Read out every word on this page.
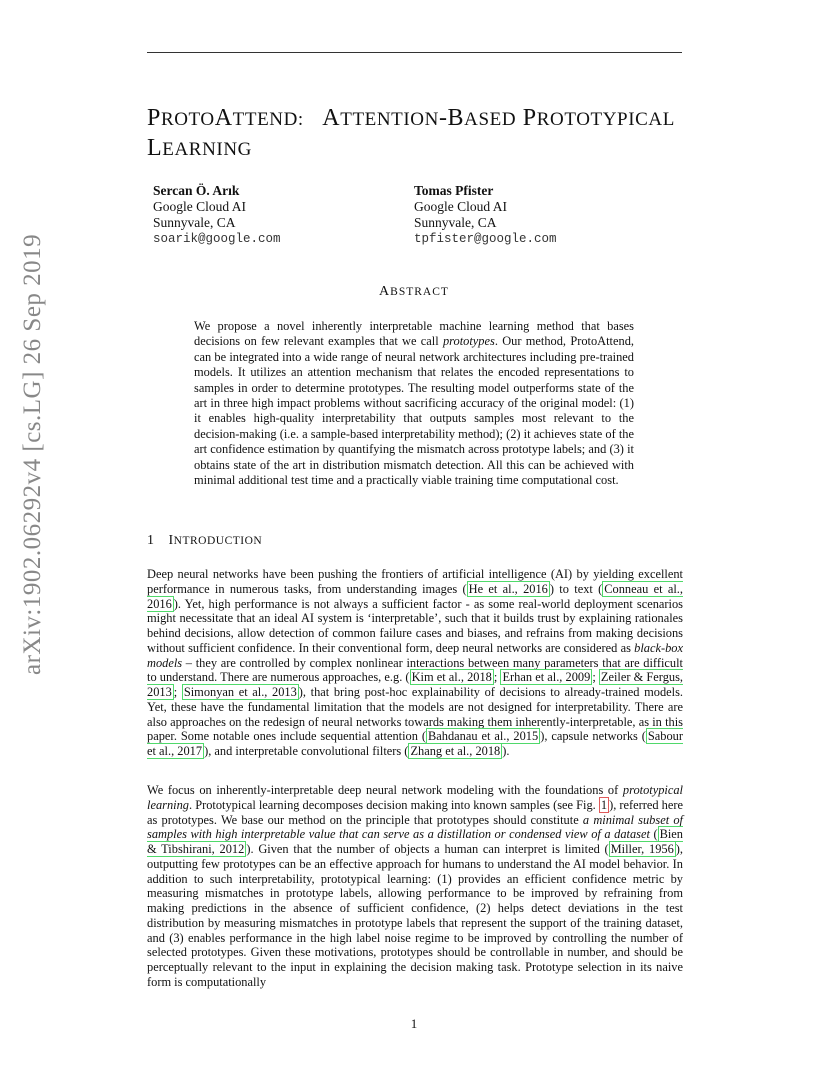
arXiv:1902.06292v4 [cs.LG] 26 Sep 2019
PROTOATTEND: ATTENTION-BASED PROTOTYPICAL
LEARNING
Sercan Ö. Arık
Google Cloud AI
Sunnyvale, CA
soarik@google.com
Tomas Pfister
Google Cloud AI
Sunnyvale, CA
tpfister@google.com
ABSTRACT

We propose a novel inherently interpretable machine learning method that bases decisions on few relevant examples that we call prototypes. Our method, ProtoAttend, can be integrated into a wide range of neural network architectures including pre-trained models. It utilizes an attention mechanism that relates the encoded representations to samples in order to determine prototypes. The resulting model outperforms state of the art in three high impact problems without sacrificing accuracy of the original model: (1) it enables high-quality interpretability that outputs samples most relevant to the decision-making (i.e. a sample-based interpretability method); (2) it achieves state of the art confidence estimation by quantifying the mismatch across prototype labels; and (3) it obtains state of the art in distribution mismatch detection. All this can be achieved with minimal additional test time and a practically viable training time computational cost.

1 INTRODUCTION

Deep neural networks have been pushing the frontiers of artificial intelligence (AI) by yielding excellent performance in numerous tasks, from understanding images ( He et al., 2016 ) to text ( Conneau et al., 2016 ). Yet, high performance is not always a sufficient factor - as some real-world deployment scenarios might necessitate that an ideal AI system is ‘interpretable’, such that it builds trust by explaining rationales behind decisions, allow detection of common failure cases and biases, and refrains from making decisions without sufficient confidence. In their conventional form, deep neural networks are considered as black-box models – they are controlled by complex nonlinear interactions between many parameters that are difficult to understand. There are numerous approaches, e.g. ( Kim et al., 2018 ; Erhan et al., 2009 ; Zeiler & Fergus, 2013 ; Simonyan et al., 2013 ), that bring post-hoc explainability of decisions to already-trained models. Yet, these have the fundamental limitation that the models are not designed for interpretability. There are also approaches on the redesign of neural networks towards making them inherently-interpretable, as in this paper. Some notable ones include sequential attention ( Bahdanau et al., 2015 ), capsule networks ( Sabour et al., 2017 ), and interpretable convolutional filters ( Zhang et al., 2018 ).

We focus on inherently-interpretable deep neural network modeling with the foundations of prototypical learning. Prototypical learning decomposes decision making into known samples (see Fig. 1 ), referred here as prototypes. We base our method on the principle that prototypes should constitute a minimal subset of samples with high interpretable value that can serve as a distillation or condensed view of a dataset ( Bien & Tibshirani, 2012 ). Given that the number of objects a human can interpret is limited ( Miller, 1956 ), outputting few prototypes can be an effective approach for humans to understand the AI model behavior. In addition to such interpretability, prototypical learning: (1) provides an efficient confidence metric by measuring mismatches in prototype labels, allowing performance to be improved by refraining from making predictions in the absence of sufficient confidence, (2) helps detect deviations in the test distribution by measuring mismatches in prototype labels that represent the support of the training dataset, and (3) enables performance in the high label noise regime to be improved by controlling the number of selected prototypes. Given these motivations, prototypes should be controllable in number, and should be perceptually relevant to the input in explaining the decision making task. Prototype selection in its naive form is computationally

1
